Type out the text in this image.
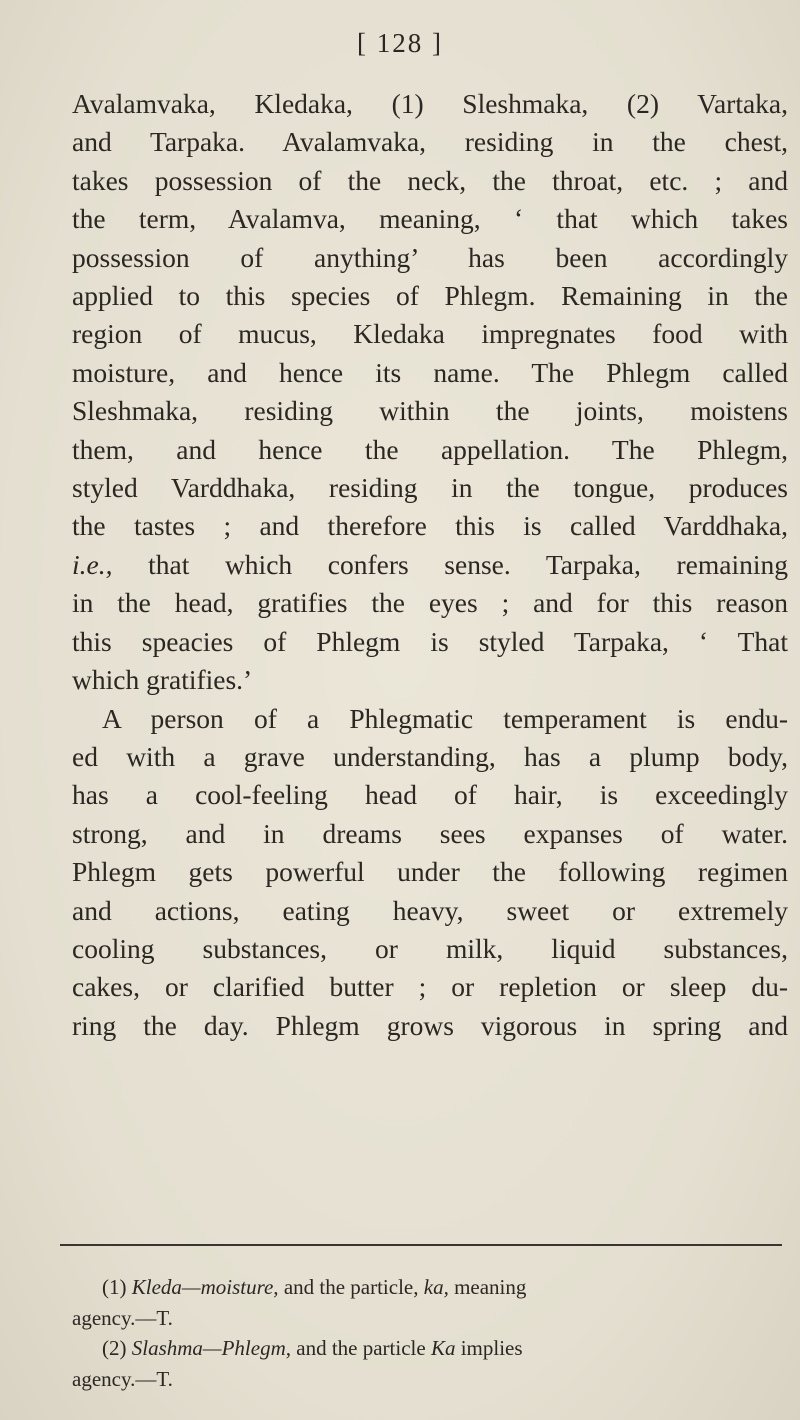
[ 128 ]
Avalamvaka, Kledaka, (1) Sleshmaka, (2) Vartaka,
and Tarpaka. Avalamvaka, residing in the chest,
takes possession of the neck, the throat, etc. ; and
the term, Avalamva, meaning, ‘ that which takes
possession of anything’ has been accordingly
applied to this species of Phlegm. Remaining in the
region of mucus, Kledaka impregnates food with
moisture, and hence its name. The Phlegm called
Sleshmaka, residing within the joints, moistens
them, and hence the appellation. The Phlegm,
styled Varddhaka, residing in the tongue, produces
the tastes ; and therefore this is called Varddhaka,
i.e., that which confers sense. Tarpaka, remaining
in the head, gratifies the eyes ; and for this reason
this speacies of Phlegm is styled Tarpaka, ‘ That
which gratifies.’
A person of a Phlegmatic temperament is endu-
ed with a grave understanding, has a plump body,
has a cool-feeling head of hair, is exceedingly
strong, and in dreams sees expanses of water.
Phlegm gets powerful under the following regimen
and actions, eating heavy, sweet or extremely
cooling substances, or milk, liquid substances,
cakes, or clarified butter ; or repletion or sleep du-
ring the day. Phlegm grows vigorous in spring and
(1) Kleda—moisture, and the particle, ka, meaning
agency.—T.
(2) Slashma—Phlegm, and the particle Ka implies
agency.—T.
